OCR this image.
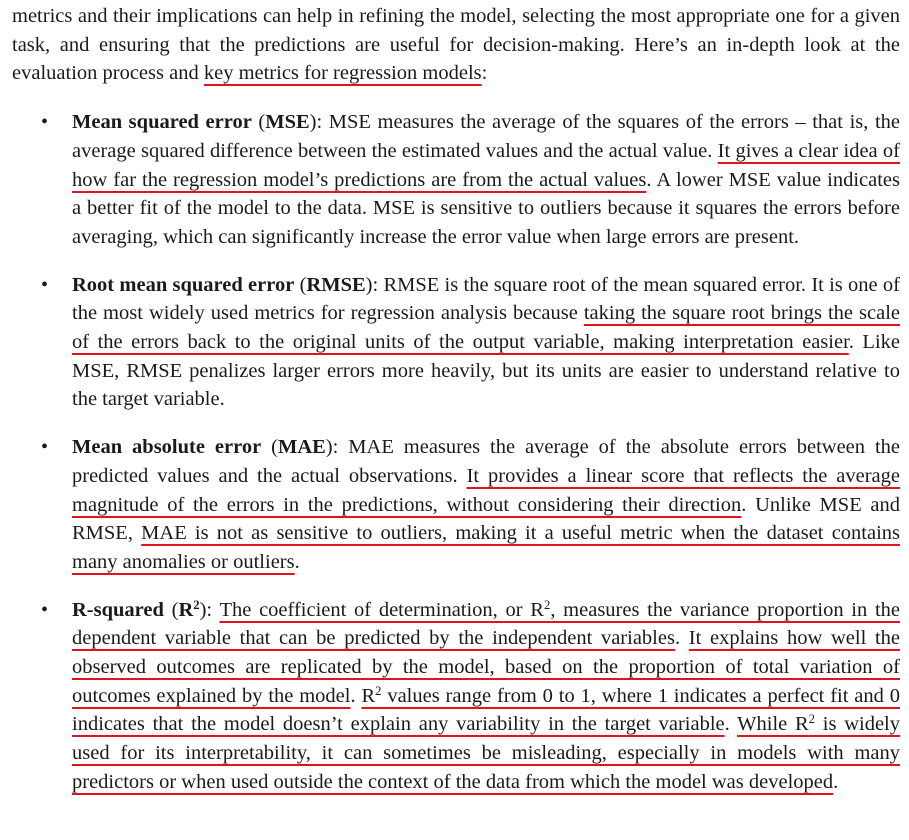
metrics and their implications can help in refining the model, selecting the most appropriate one for a given task, and ensuring that the predictions are useful for decision-making. Here’s an in-depth look at the evaluation process and key metrics for regression models:

• Mean squared error (MSE): MSE measures the average of the squares of the errors – that is, the average squared difference between the estimated values and the actual value. It gives a clear idea of how far the regression model’s predictions are from the actual values. A lower MSE value indicates a better fit of the model to the data. MSE is sensitive to outliers because it squares the errors before averaging, which can significantly increase the error value when large errors are present.
• Root mean squared error (RMSE): RMSE is the square root of the mean squared error. It is one of the most widely used metrics for regression analysis because taking the square root brings the scale of the errors back to the original units of the output variable, making interpretation easier. Like MSE, RMSE penalizes larger errors more heavily, but its units are easier to understand relative to the target variable.
• Mean absolute error (MAE): MAE measures the average of the absolute errors between the predicted values and the actual observations. It provides a linear score that reflects the average magnitude of the errors in the predictions, without considering their direction. Unlike MSE and RMSE, MAE is not as sensitive to outliers, making it a useful metric when the dataset contains many anomalies or outliers.
• R-squared $(R^2)$: The coefficient of determination, or $R^2$, measures the variance proportion in the dependent variable that can be predicted by the independent variables. It explains how well the observed outcomes are replicated by the model, based on the proportion of total variation of outcomes explained by the model. $R^2$ values range from 0 to 1, where 1 indicates a perfect fit and 0 indicates that the model doesn’t explain any variability in the target variable. While $R^2$ is widely used for its interpretability, it can sometimes be misleading, especially in models with many predictors or when used outside the context of the data from which the model was developed.
